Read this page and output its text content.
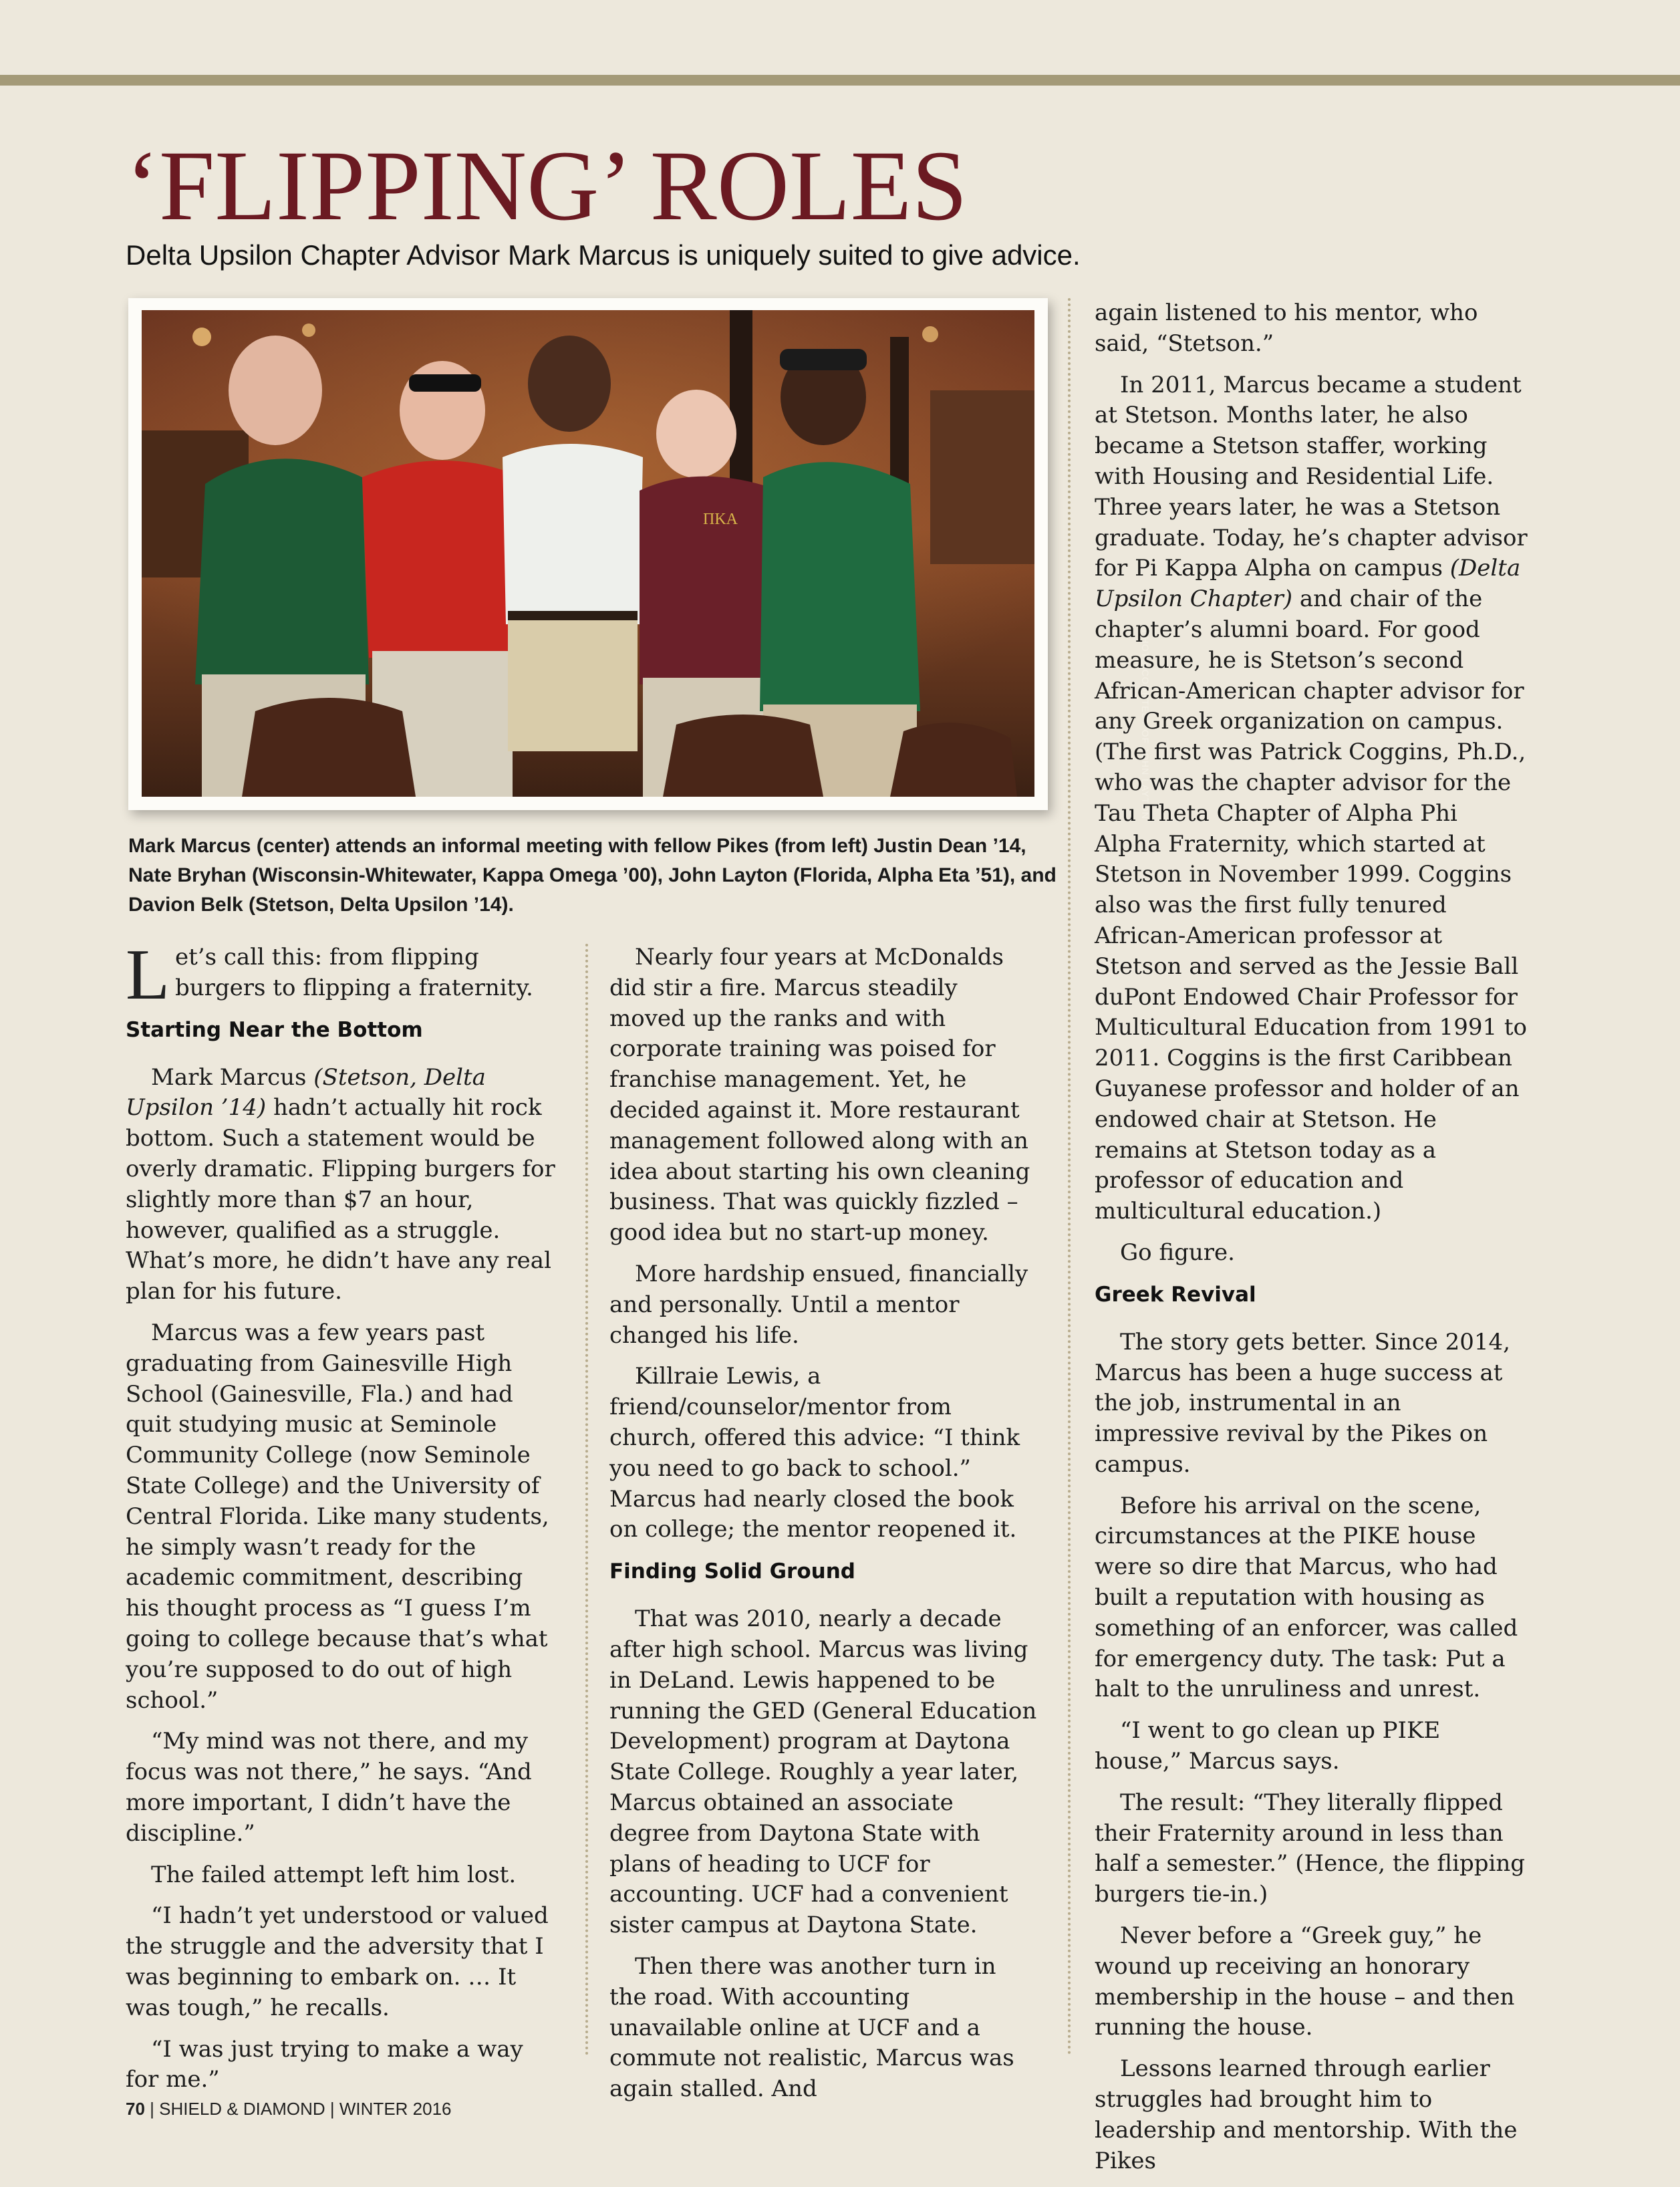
‘FLIPPING’ ROLES

Delta Upsilon Chapter Advisor Mark Marcus is uniquely suited to give advice.

ΠΚΑ
PHOTO COURTESY OF JOHN LAYTON

Mark Marcus (center) attends an informal meeting with fellow Pikes (from left) Justin Dean ’14, Nate Bryhan (Wisconsin-Whitewater, Kappa Omega ’00), John Layton (Florida, Alpha Eta ’51), and Davion Belk (Stetson, Delta Upsilon ’14).

Let’s call this: from flipping burgers to flipping a fraternity.

Starting Near the Bottom

Mark Marcus (Stetson, Delta Upsilon ’14) hadn’t actually hit rock bottom. Such a statement would be overly dramatic. Flipping burgers for slightly more than $7 an hour, however, qualified as a struggle. What’s more, he didn’t have any real plan for his future.

Marcus was a few years past graduating from Gainesville High School (Gainesville, Fla.) and had quit studying music at Seminole Community College (now Seminole State College) and the University of Central Florida. Like many students, he simply wasn’t ready for the academic commitment, describing his thought process as “I guess I’m going to college because that’s what you’re supposed to do out of high school.”

“My mind was not there, and my focus was not there,” he says. “And more important, I didn’t have the discipline.”

The failed attempt left him lost.

“I hadn’t yet understood or valued the struggle and the adversity that I was beginning to embark on. … It was tough,” he recalls.

“I was just trying to make a way for me.”

Nearly four years at McDonalds did stir a fire. Marcus steadily moved up the ranks and with corporate training was poised for franchise management. Yet, he decided against it. More restaurant management followed along with an idea about starting his own cleaning business. That was quickly fizzled – good idea but no start-up money.

More hardship ensued, financially and personally. Until a mentor changed his life.

Killraie Lewis, a friend/counselor/mentor from church, offered this advice: “I think you need to go back to school.” Marcus had nearly closed the book on college; the mentor reopened it.

Finding Solid Ground

That was 2010, nearly a decade after high school. Marcus was living in DeLand. Lewis happened to be running the GED (General Education Development) program at Daytona State College. Roughly a year later, Marcus obtained an associate degree from Daytona State with plans of heading to UCF for accounting. UCF had a convenient sister campus at Daytona State.

Then there was another turn in the road. With accounting unavailable online at UCF and a commute not realistic, Marcus was again stalled. And

again listened to his mentor, who said, “Stetson.”

In 2011, Marcus became a student at Stetson. Months later, he also became a Stetson staffer, working with Housing and Residential Life. Three years later, he was a Stetson graduate. Today, he’s chapter advisor for Pi Kappa Alpha on campus (Delta Upsilon Chapter) and chair of the chapter’s alumni board. For good measure, he is Stetson’s second African-American chapter advisor for any Greek organization on campus. (The first was Patrick Coggins, Ph.D., who was the chapter advisor for the Tau Theta Chapter of Alpha Phi Alpha Fraternity, which started at Stetson in November 1999. Coggins also was the first fully tenured African-American professor at Stetson and served as the Jessie Ball duPont Endowed Chair Professor for Multicultural Education from 1991 to 2011. Coggins is the first Caribbean Guyanese professor and holder of an endowed chair at Stetson. He remains at Stetson today as a professor of education and multicultural education.)

Go figure.

Greek Revival

The story gets better. Since 2014, Marcus has been a huge success at the job, instrumental in an impressive revival by the Pikes on campus.

Before his arrival on the scene, circumstances at the PIKE house were so dire that Marcus, who had built a reputation with housing as something of an enforcer, was called for emergency duty. The task: Put a halt to the unruliness and unrest.

“I went to go clean up PIKE house,” Marcus says.

The result: “They literally flipped their Fraternity around in less than half a semester.” (Hence, the flipping burgers tie-in.)

Never before a “Greek guy,” he wound up receiving an honorary membership in the house – and then running the house.

Lessons learned through earlier struggles had brought him to leadership and mentorship. With the Pikes

70 | SHIELD & DIAMOND | WINTER 2016
